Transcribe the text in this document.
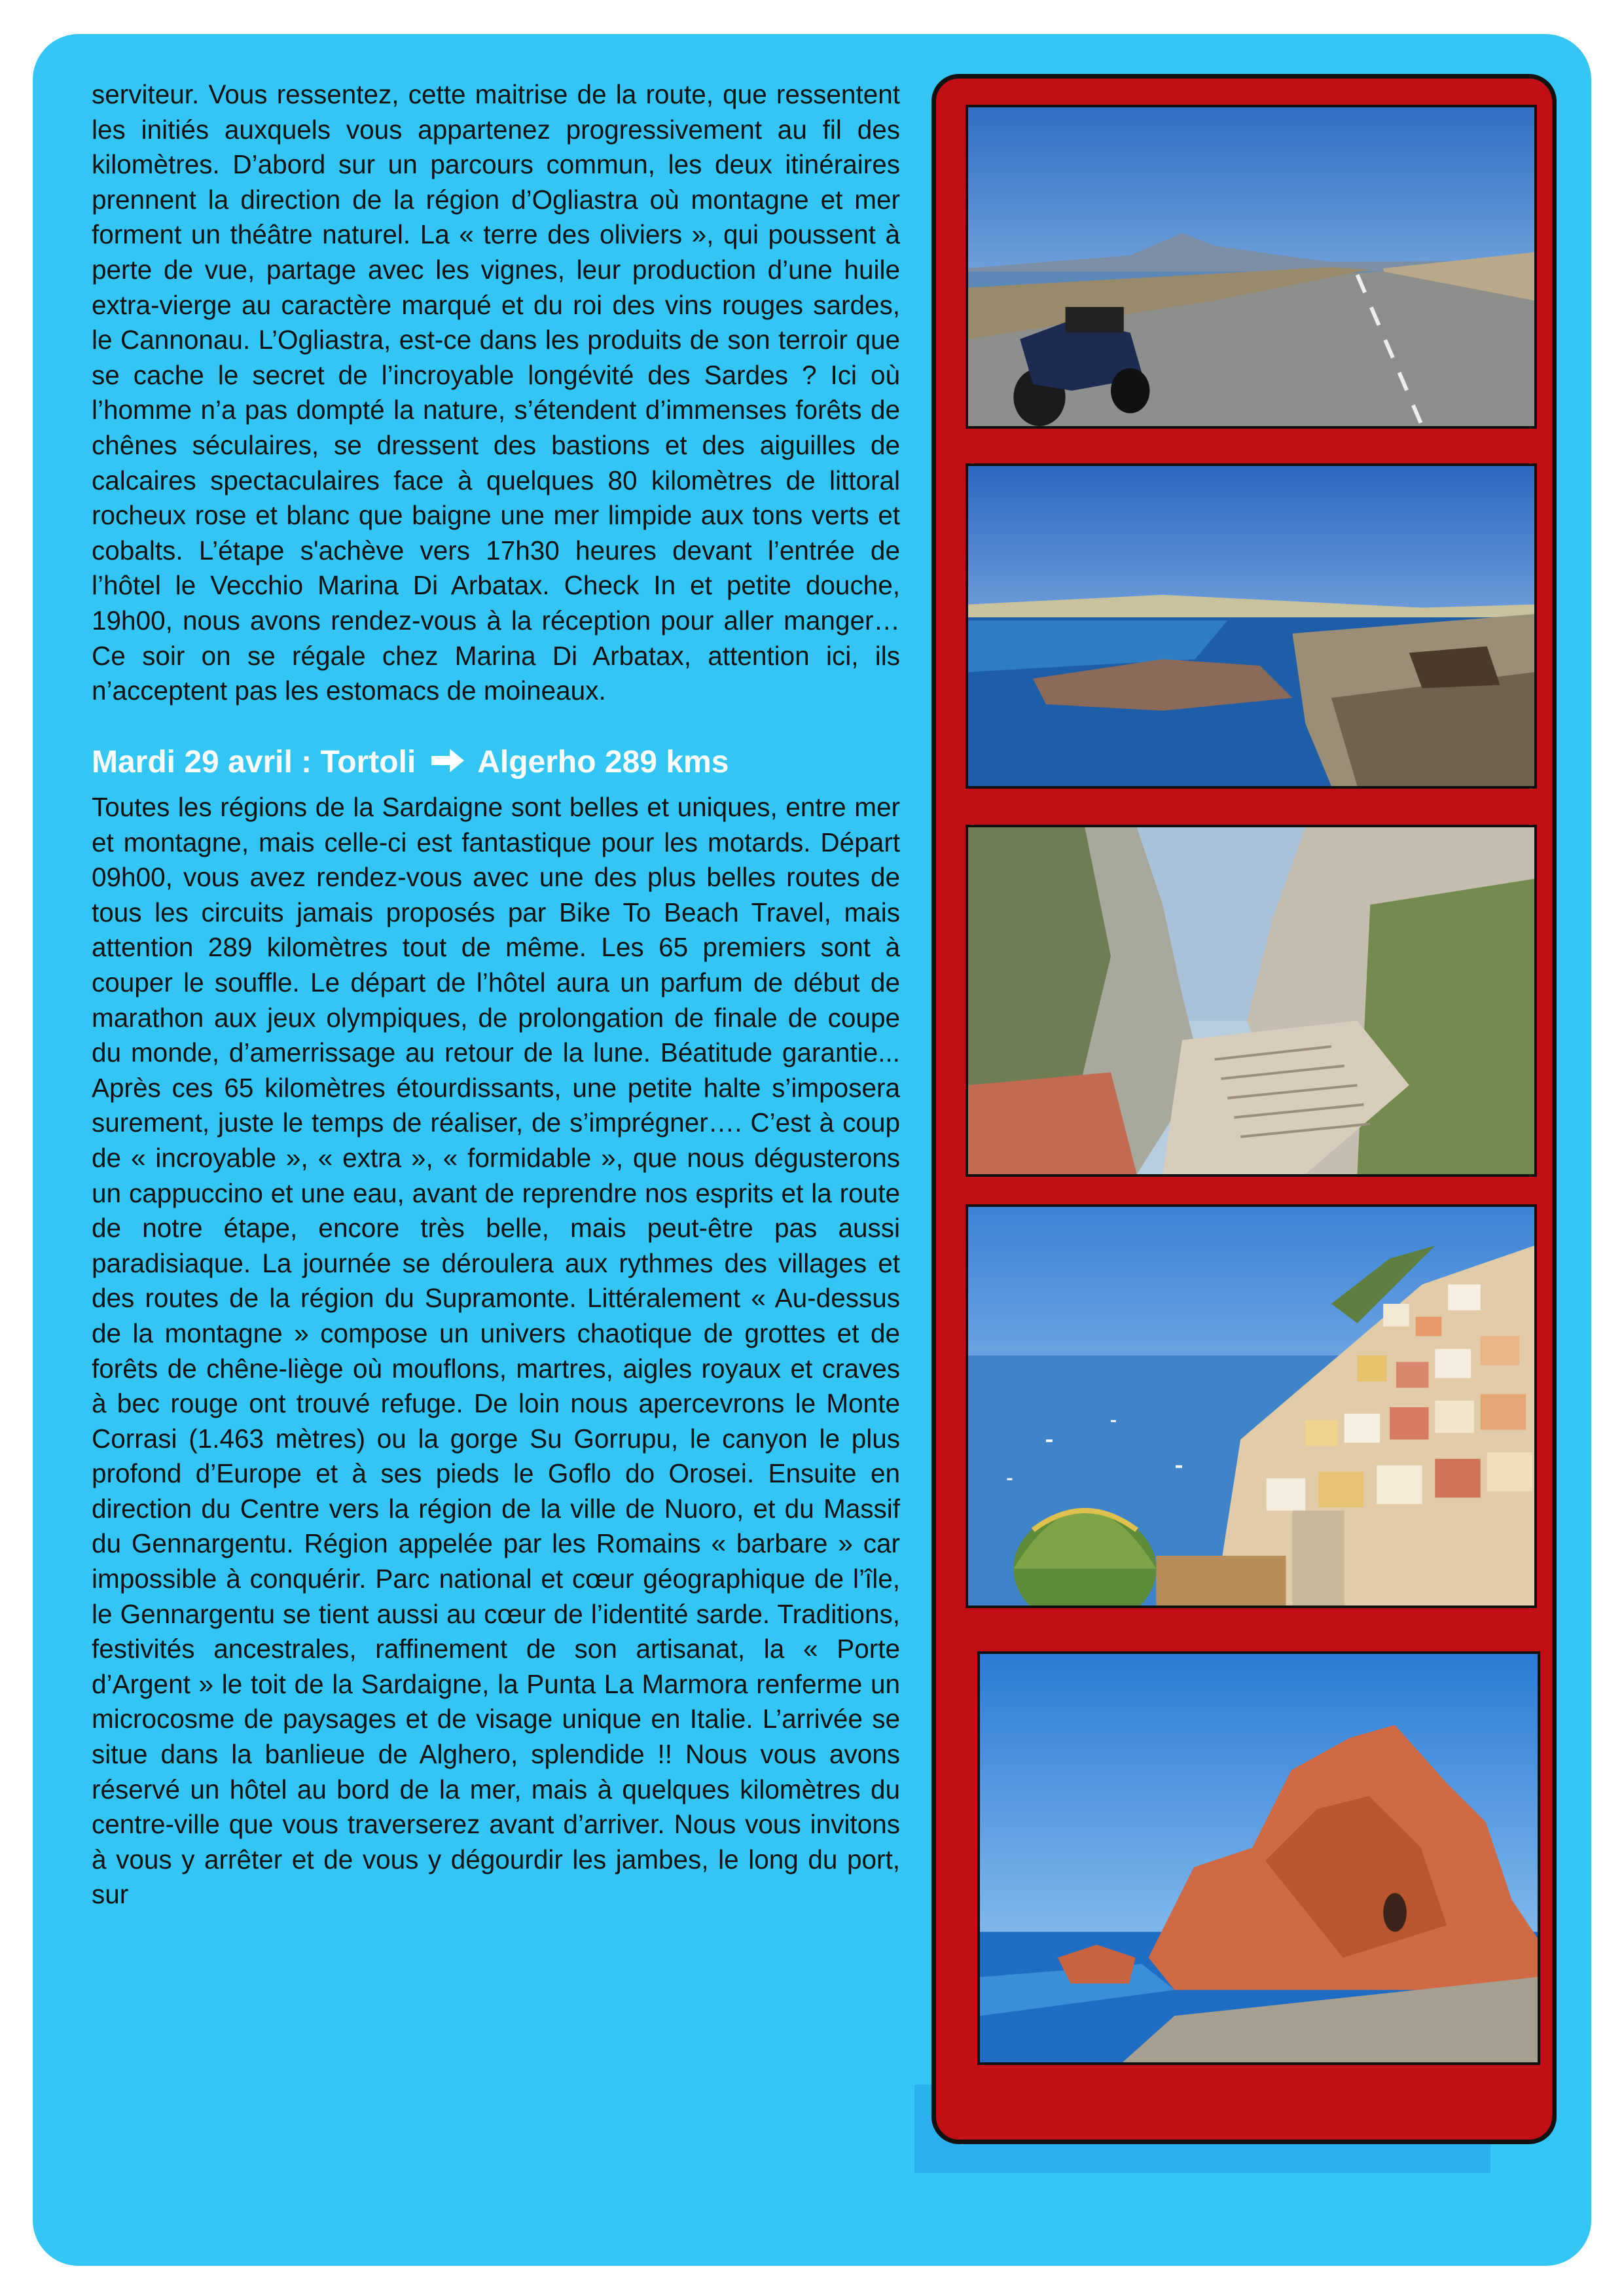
serviteur. Vous ressentez, cette maitrise de la route, que ressentent les initiés auxquels vous appartenez progressivement au fil des kilomètres. D’abord sur un parcours commun, les deux itinéraires prennent la direction de la région d’Ogliastra où montagne et mer forment un théâtre naturel. La « terre des oliviers », qui poussent à perte de vue, partage avec les vignes, leur production d’une huile extra-vierge au caractère marqué et du roi des vins rouges sardes, le Cannonau. L’Ogliastra, est-ce dans les produits de son terroir que se cache le secret de l’incroyable longévité des Sardes ? Ici où l’homme n’a pas dompté la nature, s’étendent d’immenses forêts de chênes séculaires, se dressent des bastions et des aiguilles de calcaires spectaculaires face à quelques 80 kilomètres de littoral rocheux rose et blanc que baigne une mer limpide aux tons verts et cobalts. L’étape s'achève vers 17h30 heures devant l’entrée de l’hôtel le Vecchio Marina Di Arbatax. Check In et petite douche, 19h00, nous avons rendez-vous à la réception pour aller manger…Ce soir on se régale chez Marina Di Arbatax, attention ici, ils n’acceptent pas les estomacs de moineaux.

Mardi 29 avril : Tortoli Algerho 289 kms

Toutes les régions de la Sardaigne sont belles et uniques, entre mer et montagne, mais celle-ci est fantastique pour les motards. Départ 09h00, vous avez rendez-vous avec une des plus belles routes de tous les circuits jamais proposés par Bike To Beach Travel, mais attention 289 kilomètres tout de même. Les 65 premiers sont à couper le souffle. Le départ de l’hôtel aura un parfum de début de marathon aux jeux olympiques, de prolongation de finale de coupe du monde, d’amerrissage au retour de la lune. Béatitude garantie... Après ces 65 kilomètres étourdissants, une petite halte s’imposera surement, juste le temps de réaliser, de s’imprégner…. C’est à coup de « incroyable », « extra », « formidable », que nous dégusterons un cappuccino et une eau, avant de reprendre nos esprits et la route de notre étape, encore très belle, mais peut-être pas aussi paradisiaque. La journée se déroulera aux rythmes des villages et des routes de la région du Supramonte. Littéralement « Au-dessus de la montagne » compose un univers chaotique de grottes et de forêts de chêne-liège où mouflons, martres, aigles royaux et craves à bec rouge ont trouvé refuge. De loin nous apercevrons le Monte Corrasi (1.463 mètres) ou la gorge Su Gorrupu, le canyon le plus profond d’Europe et à ses pieds le Goflo do Orosei. Ensuite en direction du Centre vers la région de la ville de Nuoro, et du Massif du Gennargentu. Région appelée par les Romains « barbare » car impossible à conquérir. Parc national et cœur géographique de l’île, le Gennargentu se tient aussi au cœur de l’identité sarde. Traditions, festivités ancestrales, raffinement de son artisanat, la « Porte d’Argent » le toit de la Sardaigne, la Punta La Marmora renferme un microcosme de paysages et de visage unique en Italie. L’arrivée se situe dans la banlieue de Alghero, splendide !! Nous vous avons réservé un hôtel au bord de la mer, mais à quelques kilomètres du centre-ville que vous traverserez avant d’arriver. Nous vous invitons à vous y arrêter et de vous y dégourdir les jambes, le long du port, sur
